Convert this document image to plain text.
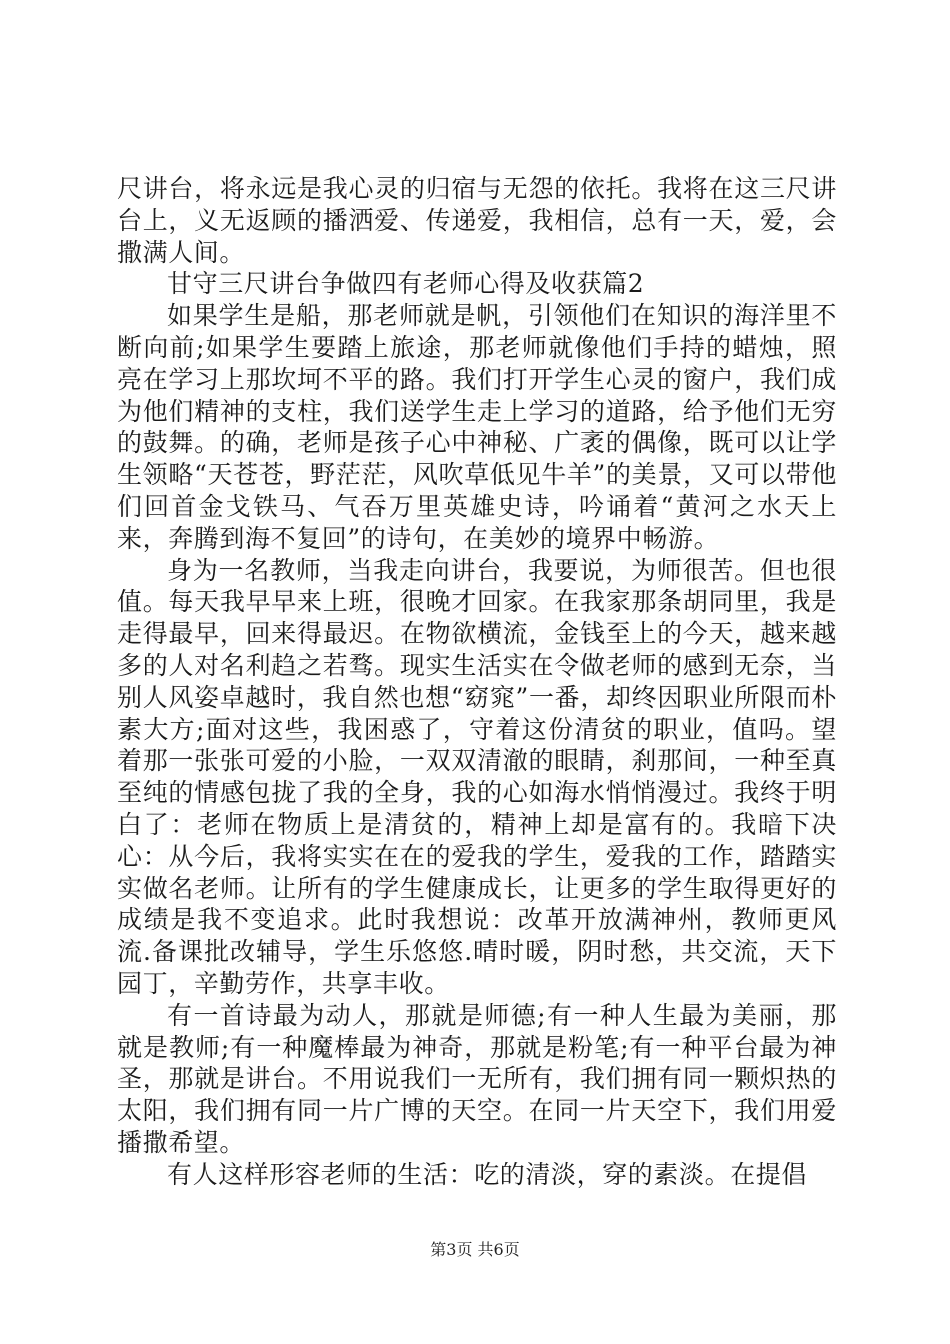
尺讲台，将永远是我心灵的归宿与无怨的依托。我将在这三尺讲台上，义无返顾的播洒爱、传递爱，我相信，总有一天，爱，会撒满人间。

甘守三尺讲台争做四有老师心得及收获篇2

如果学生是船，那老师就是帆，引领他们在知识的海洋里不断向前;如果学生要踏上旅途，那老师就像他们手持的蜡烛，照亮在学习上那坎坷不平的路。我们打开学生心灵的窗户，我们成为他们精神的支柱，我们送学生走上学习的道路，给予他们无穷的鼓舞。的确，老师是孩子心中神秘、广袤的偶像，既可以让学生领略“天苍苍，野茫茫，风吹草低见牛羊”的美景，又可以带他们回首金戈铁马、气吞万里英雄史诗，吟诵着“黄河之水天上来，奔腾到海不复回”的诗句，在美妙的境界中畅游。

身为一名教师，当我走向讲台，我要说，为师很苦。但也很值。每天我早早来上班，很晚才回家。在我家那条胡同里，我是走得最早，回来得最迟。在物欲横流，金钱至上的今天，越来越多的人对名利趋之若骛。现实生活实在令做老师的感到无奈，当别人风姿卓越时，我自然也想“窈窕”一番，却终因职业所限而朴素大方;面对这些，我困惑了，守着这份清贫的职业，值吗。望着那一张张可爱的小脸，一双双清澈的眼睛，刹那间，一种至真至纯的情感包拢了我的全身，我的心如海水悄悄漫过。我终于明白了：老师在物质上是清贫的，精神上却是富有的。我暗下决心：从今后，我将实实在在的爱我的学生，爱我的工作，踏踏实实做名老师。让所有的学生健康成长，让更多的学生取得更好的成绩是我不变追求。此时我想说：改革开放满神州，教师更风流.备课批改辅导，学生乐悠悠.晴时暖，阴时愁，共交流，天下园丁，辛勤劳作，共享丰收。

有一首诗最为动人，那就是师德;有一种人生最为美丽，那就是教师;有一种魔棒最为神奇，那就是粉笔;有一种平台最为神圣，那就是讲台。不用说我们一无所有，我们拥有同一颗炽热的太阳，我们拥有同一片广博的天空。在同一片天空下，我们用爱播撒希望。

有人这样形容老师的生活：吃的清淡，穿的素淡。在提倡

第3页 共6页
